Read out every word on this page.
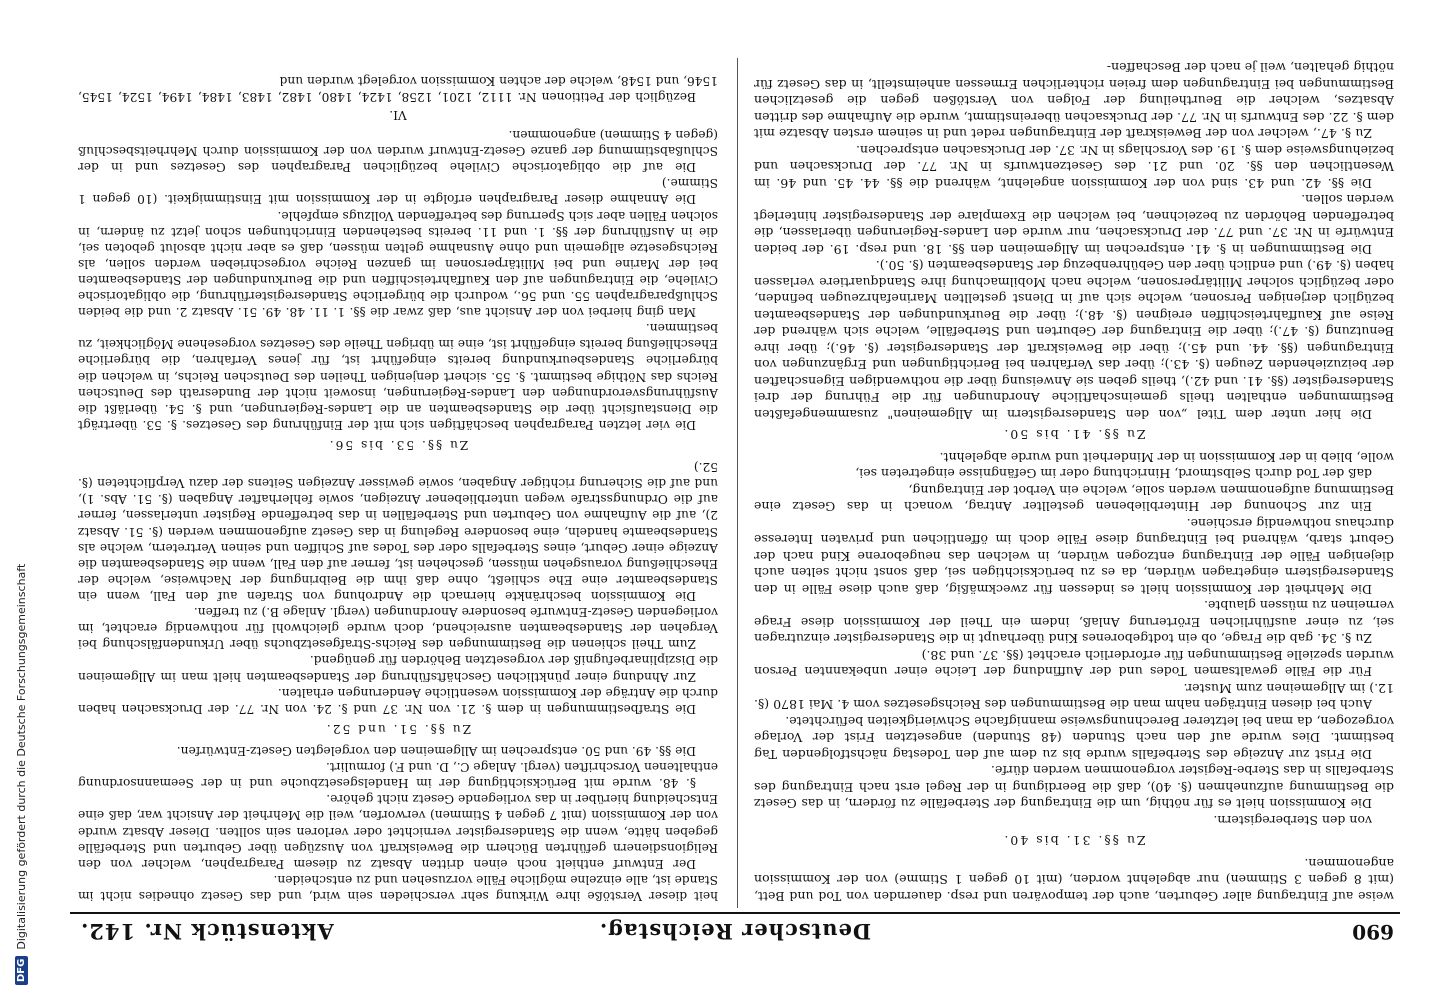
690
Deutscher Reichstag.
Aktenstück Nr. 142.

weise auf Eintragung aller Geburten, auch der tempovären und resp. dauernden von Tod und Bett, (mit 8 gegen 3 Stimmen) nur abgelehnt worden, (mit 10 gegen 1 Stimme) von der Kommission angenommen.

Zu §§. 31. bis 40.

von den Sterberegistern.

Die Kommission hielt es für nöthig, um die Eintragung der Sterbefälle zu fördern, in das Gesetz die Bestimmung aufzunehmen (§. 40), daß die Beerdigung in der Regel erst nach Eintragung des Sterbefalls in das Sterbe-Register vorgenommen werden dürfe.

Die Frist zur Anzeige des Sterbefalls wurde bis zu dem auf den Todestag nächstfolgenden Tag bestimmt. Dies wurde auf den nach Stunden (48 Stunden) angesetzten Frist der Vorlage vorgezogen, da man bei letzterer Berechnungsweise mannigfache Schwierigkeiten befürchtete.

Auch bei diesen Einträgen nahm man die Bestimmungen des Reichsgesetzes vom 4. Mai 1870 (§. 12.) im Allgemeinen zum Muster.

Für die Fälle gewaltsamen Todes und der Auffindung der Leiche einer unbekannten Person wurden spezielle Bestimmungen für erforderlich erachtet (§§. 37. und 38.)

Zu §. 34. gab die Frage, ob ein todtgeborenes Kind überhaupt in die Standesregister einzutragen sei, zu einer ausführlichen Erörterung Anlaß, indem ein Theil der Kommission diese Frage verneinen zu müssen glaubte.

Die Mehrheit der Kommission hielt es indessen für zweckmäßig, daß auch diese Fälle in den Standesregistern eingetragen würden, da es zu berücksichtigen sei, daß sonst nicht selten auch diejenigen Fälle der Eintragung entzogen würden, in welchen das neugeborene Kind nach der Geburt starb, während bei Eintragung diese Fälle doch im öffentlichen und privaten Interesse durchaus nothwendig erschiene.

Ein zur Schonung der Hinterbliebenen gestellter Antrag, wonach in das Gesetz eine Bestimmung aufgenommen werden solle, welche ein Verbot der Eintragung,

daß der Tod durch Selbstmord, Hinrichtung oder im Gefängnisse eingetreten sei,

wolle, blieb in der Kommission in der Minderheit und wurde abgelehnt.

Zu §§. 41. bis 50.

Die hier unter dem Titel „von den Standesregistern im Allgemeinen" zusammengefaßten Bestimmungen enthalten theils gemeinschaftliche Anordnungen für die Führung der drei Standesregister (§§. 41. und 42.), theils geben sie Anweisung über die nothwendigen Eigenschaften der beizuziehenden Zeugen (§. 43.); über das Verfahren bei Berichtigungen und Ergänzungen von Eintragungen (§§. 44. und 45.); über die Beweiskraft der Standesregister (§. 46.); über ihre Benutzung (§. 47.); über die Eintragung der Geburten und Sterbefälle, welche sich während der Reise auf Kauffahrteischiffen ereignen (§. 48.); über die Beurkundungen der Standesbeamten bezüglich derjenigen Personen, welche sich auf in Dienst gestellten Marinefahrzeugen befinden, oder bezüglich solcher Militärpersonen, welche nach Mobilmachung ihre Standquartiere verlassen haben (§. 49.) und endlich über den Gebührenbezug der Standesbeamten (§. 50.).

Die Bestimmungen in §. 41. entsprechen im Allgemeinen den §§. 18. und resp. 19. der beiden Entwürfe in Nr. 37. und 77. der Drucksachen, nur wurde den Landes-Regierungen überlassen, die betreffenden Behörden zu bezeichnen, bei welchen die Exemplare der Standesregister hinterlegt werden sollen.

Die §§. 42. und 43. sind von der Kommission angelehnt, während die §§. 44. 45. und 46. im Wesentlichen den §§. 20. und 21. des Gesetzentwurfs in Nr. 77. der Drucksachen und beziehungsweise dem §. 19. des Vorschlags in Nr. 37. der Drucksachen entsprechen.

Zu §. 47., welcher von der Beweiskraft der Eintragungen redet und in seinem ersten Absatze mit dem §. 22. des Entwurfs in Nr. 77. der Drucksachen übereinstimmt, wurde die Aufnahme des dritten Absatzes, welcher die Beurtheilung der Folgen von Verstößen gegen die gesetzlichen Bestimmungen bei Eintragungen dem freien richterlichen Ermessen anheimstellt, in das Gesetz für nöthig gehalten, weil je nach der Beschaffen-

heit dieser Verstöße ihre Wirkung sehr verschieden sein wird, und das Gesetz ohnedies nicht im Stande ist, alle einzelne mögliche Fälle vorzusehen und zu entscheiden.

Der Entwurf enthielt noch einen dritten Absatz zu diesem Paragraphen, welcher von den Religionsdienern geführten Büchern die Beweiskraft von Auszügen über Geburten und Sterbefälle gegeben hätte, wenn die Standesregister vernichtet oder verloren sein sollten. Dieser Absatz wurde von der Kommission (mit 7 gegen 4 Stimmen) verworfen, weil die Mehrheit der Ansicht war, daß eine Entscheidung hierüber in das vorliegende Gesetz nicht gehöre.

§. 48. wurde mit Berücksichtigung der im Handelsgesetzbuche und in der Seemannsordnung enthaltenen Vorschriften (vergl. Anlage C., D. und F.) formulirt.

Die §§. 49. und 50. entsprechen im Allgemeinen den vorgelegten Gesetz-Entwürfen.

Zu §§. 51. und 52.

Die Strafbestimmungen in dem §. 21. von Nr. 37 und §. 24. von Nr. 77. der Drucksachen haben durch die Anträge der Kommission wesentliche Aenderungen erhalten.

Zur Ahndung einer pünktlichen Geschäftsführung der Standesbeamten hielt man im Allgemeinen die Disziplinarbefugniß der vorgesetzten Behörden für genügend.

Zum Theil schienen die Bestimmungen des Reichs-Strafgesetzbuchs über Urkundenfälschung bei Vergehen der Standesbeamten ausreichend, doch wurde gleichwohl für nothwendig erachtet, im vorliegenden Gesetz-Entwurfe besondere Anordnungen (vergl. Anlage B.) zu treffen.

Die Kommission beschränkte hiernach die Androhung von Strafen auf den Fall, wenn ein Standesbeamter eine Ehe schließt, ohne daß ihm die Beibringung der Nachweise, welche der Eheschließung vorausgehen müssen, geschehen ist, ferner auf den Fall, wenn die Standesbeamten die Anzeige einer Geburt, eines Sterbefalls oder des Todes auf Schiffen und seinen Vertretern, welche als Standesbeamte handeln, eine besondere Regelung in das Gesetz aufgenommen werden (§. 51. Absatz 2), auf die Aufnahme von Geburten und Sterbefällen in das betreffende Register unterlassen, ferner auf die Ordnungsstrafe wegen unterbliebener Anzeigen, sowie fehlerhafter Angaben (§. 51. Abs. 1), und auf die Sicherung richtiger Angaben, sowie gewisser Anzeigen Seitens der dazu Verpflichteten (§. 52.)

Zu §§. 53. bis 56.

Die vier letzten Paragraphen beschäftigen sich mit der Einführung des Gesetzes. §. 53. überträgt die Dienstaufsicht über die Standesbeamten an die Landes-Regierungen, und §. 54. überläßt die Ausführungsverordnungen den Landes-Regierungen, insoweit nicht der Bundesrath des Deutschen Reichs das Nöthige bestimmt. §. 55. sichert denjenigen Theilen des Deutschen Reichs, in welchen die bürgerliche Standesbeurkundung bereits eingeführt ist, für jenes Verfahren, die bürgerliche Eheschließung bereits eingeführt ist, eine im übrigen Theile des Gesetzes vorgesehene Möglichkeit, zu bestimmen.

Man ging hierbei von der Ansicht aus, daß zwar die §§. 1. 11. 48. 49. 51. Absatz 2. und die beiden Schlußparagraphen 55. und 56., wodurch die bürgerliche Standesregisterführung, die obligatorische Civilehe, die Eintragungen auf den Kauffahrteischiffen und die Beurkundungen der Standesbeamten bei der Marine und bei Militärpersonen im ganzen Reiche vorgeschrieben werden sollen, als Reichsgesetze allgemein und ohne Ausnahme gelten müssen, daß es aber nicht absolut geboten sei, die in Ausführung der §§. 1. und 11. bereits bestehenden Einrichtungen schon jetzt zu ändern, in solchen Fällen aber sich Sperrung des betreffenden Vollzugs empfehle.

Die Annahme dieser Paragraphen erfolgte in der Kommission mit Einstimmigkeit. (10 gegen 1 Stimme.)

Die auf die obligatorische Civilehe bezüglichen Paragraphen des Gesetzes und in der Schlußabstimmung der ganze Gesetz-Entwurf wurden von der Kommission durch Mehrheitsbeschluß (gegen 4 Stimmen) angenommen.

VI.

Bezüglich der Petitionen Nr. 1112, 1201, 1258, 1424, 1480, 1482, 1483, 1484, 1494, 1524, 1545, 1546, und 1548, welche der achten Kommission vorgelegt wurden und

DFG
Digitalisierung gefördert durch die Deutsche Forschungsgemeinschaft
